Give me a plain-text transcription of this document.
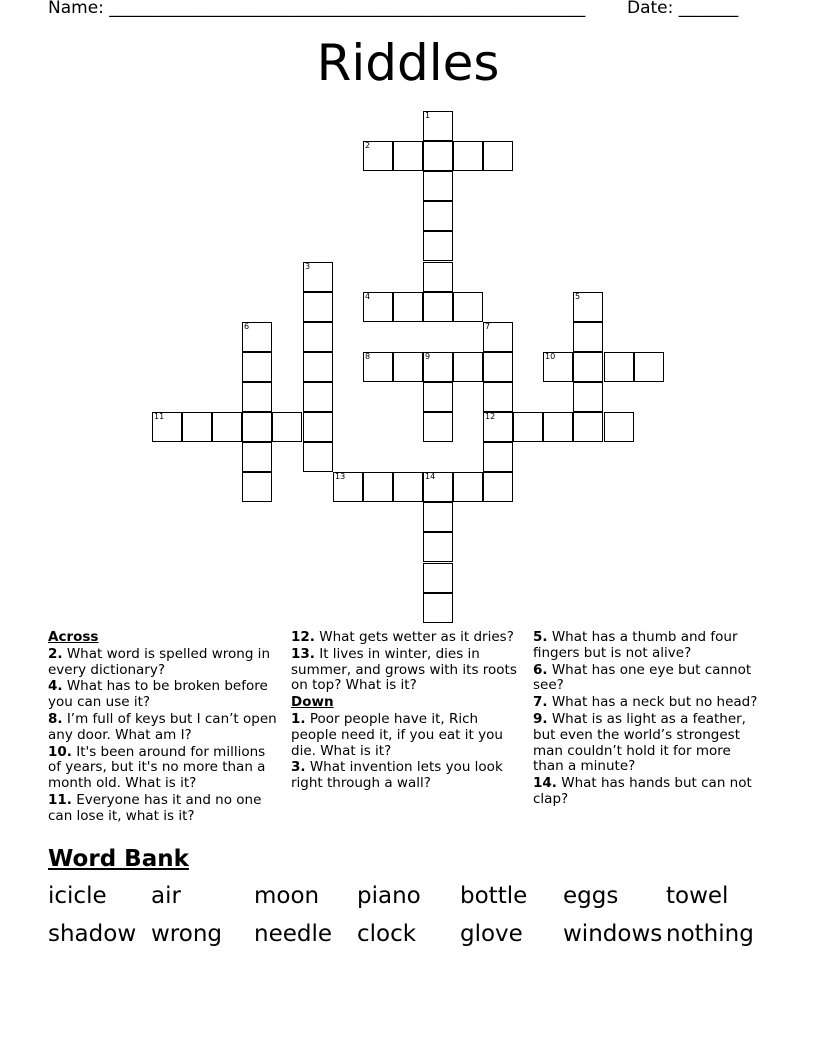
Name: ________________________________________________________ Date: _______
Riddles
1
2
3
4	5
6	7
12
8	9	10
11
13	14
Across
2. What word is spelled wrong in every dictionary?
4. What has to be broken before you can use it?
8. I’m full of keys but I can’t open any door. What am I?
10. It's been around for millions of years, but it's no more than a month old. What is it?
11. Everyone has it and no one can lose it, what is it?
12. What gets wetter as it dries?
13. It lives in winter, dies in summer, and grows with its roots on top? What is it?
Down
1. Poor people have it, Rich people need it, if you eat it you die. What is it?
3. What invention lets you look right through a wall?
5. What has a thumb and four fingers but is not alive?
6. What has one eye but cannot see?
7. What has a neck but no head?
9. What is as light as a feather, but even the world’s strongest man couldn’t hold it for more than a minute?
14. What has hands but can not clap?
Word Bank
icicle air	moon piano bottle eggs towel
shadow wrong needle clock glove windows nothing
